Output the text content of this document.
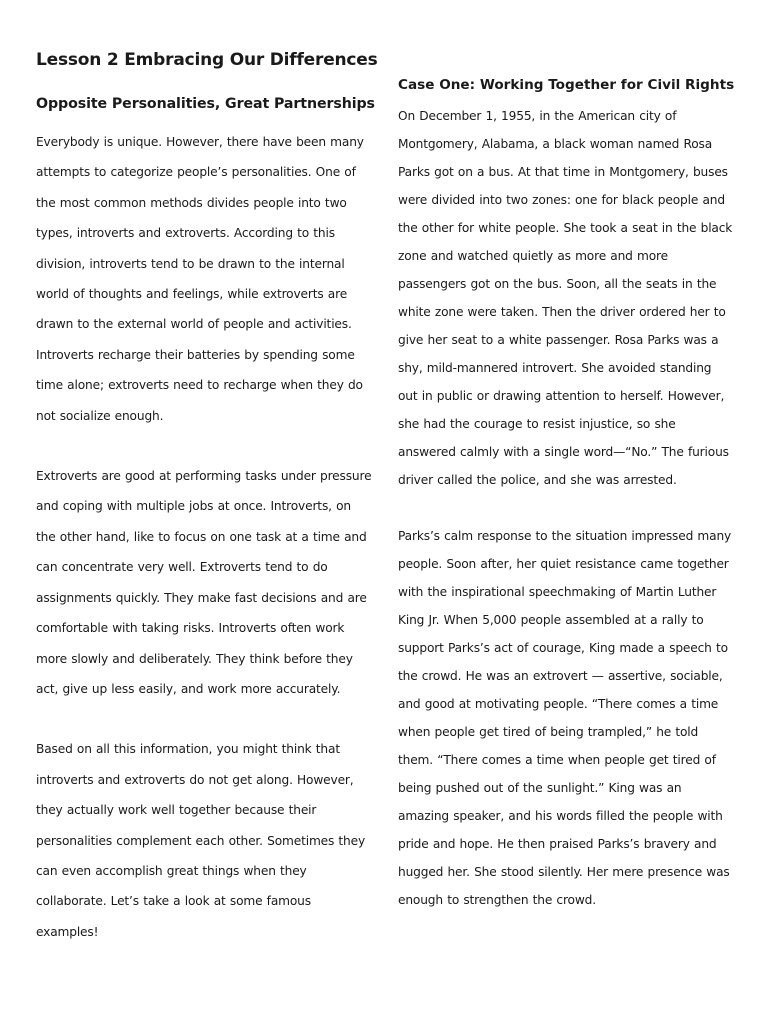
Lesson 2 Embracing Our Differences
Opposite Personalities, Great Partnerships

Everybody is unique. However, there have been many attempts to categorize people’s personalities. One of the most common methods divides people into two types, introverts and extroverts. According to this division, introverts tend to be drawn to the internal world of thoughts and feelings, while extroverts are drawn to the external world of people and activities. Introverts recharge their batteries by spending some time alone; extroverts need to recharge when they do not socialize enough.

Extroverts are good at performing tasks under pressure and coping with multiple jobs at once. Introverts, on the other hand, like to focus on one task at a time and can concentrate very well. Extroverts tend to do assignments quickly. They make fast decisions and are comfortable with taking risks. Introverts often work more slowly and deliberately. They think before they act, give up less easily, and work more accurately.

Based on all this information, you might think that introverts and extroverts do not get along. However, they actually work well together because their personalities complement each other. Sometimes they can even accomplish great things when they collaborate. Let’s take a look at some famous examples!

Case One: Working Together for Civil Rights

On December 1, 1955, in the American city of Montgomery, Alabama, a black woman named Rosa Parks got on a bus. At that time in Montgomery, buses were divided into two zones: one for black people and the other for white people. She took a seat in the black zone and watched quietly as more and more passengers got on the bus. Soon, all the seats in the white zone were taken. Then the driver ordered her to give her seat to a white passenger. Rosa Parks was a shy, mild-mannered introvert. She avoided standing out in public or drawing attention to herself. However, she had the courage to resist injustice, so she answered calmly with a single word—“No.” The furious driver called the police, and she was arrested.

Parks’s calm response to the situation impressed many people. Soon after, her quiet resistance came together with the inspirational speechmaking of Martin Luther King Jr. When 5,000 people assembled at a rally to support Parks’s act of courage, King made a speech to the crowd. He was an extrovert — assertive, sociable, and good at motivating people. “There comes a time when people get tired of being trampled,” he told them. “There comes a time when people get tired of being pushed out of the sunlight.” King was an amazing speaker, and his words filled the people with pride and hope. He then praised Parks’s bravery and hugged her. She stood silently. Her mere presence was enough to strengthen the crowd.
